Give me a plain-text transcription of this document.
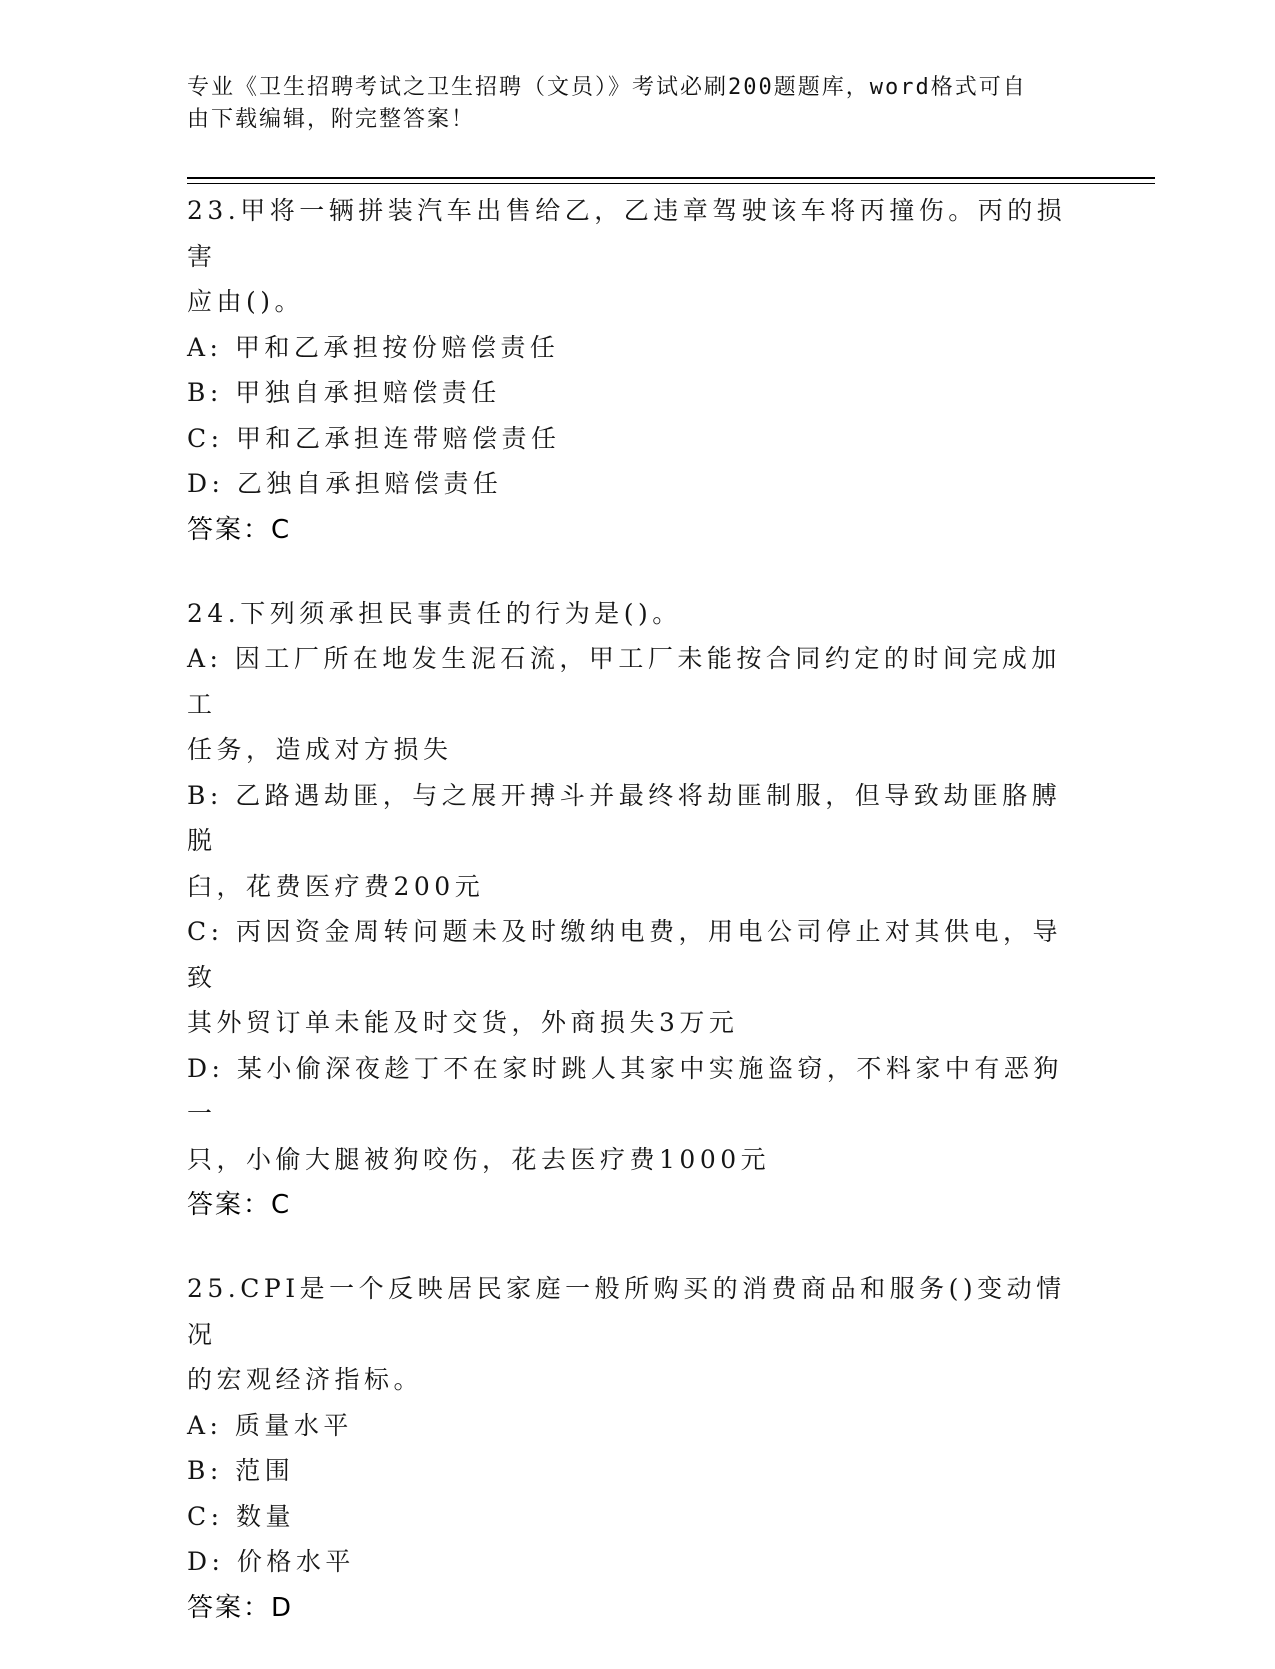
专业《卫生招聘考试之卫生招聘（文员）》考试必刷200题题库，word格式可自
由下载编辑，附完整答案！

23.甲将一辆拼装汽车出售给乙，乙违章驾驶该车将丙撞伤。丙的损害

应由()。

A: 甲和乙承担按份赔偿责任

B: 甲独自承担赔偿责任

C: 甲和乙承担连带赔偿责任

D: 乙独自承担赔偿责任

答案：C

24.下列须承担民事责任的行为是()。

A: 因工厂所在地发生泥石流，甲工厂未能按合同约定的时间完成加工

任务，造成对方损失

B: 乙路遇劫匪，与之展开搏斗并最终将劫匪制服，但导致劫匪胳膊脱

臼，花费医疗费200元

C: 丙因资金周转问题未及时缴纳电费，用电公司停止对其供电，导致

其外贸订单未能及时交货，外商损失3万元

D: 某小偷深夜趁丁不在家时跳人其家中实施盗窃，不料家中有恶狗一

只，小偷大腿被狗咬伤，花去医疗费1000元

答案：C

25.CPI是一个反映居民家庭一般所购买的消费商品和服务()变动情况

的宏观经济指标。

A: 质量水平

B: 范围

C: 数量

D: 价格水平

答案：D
